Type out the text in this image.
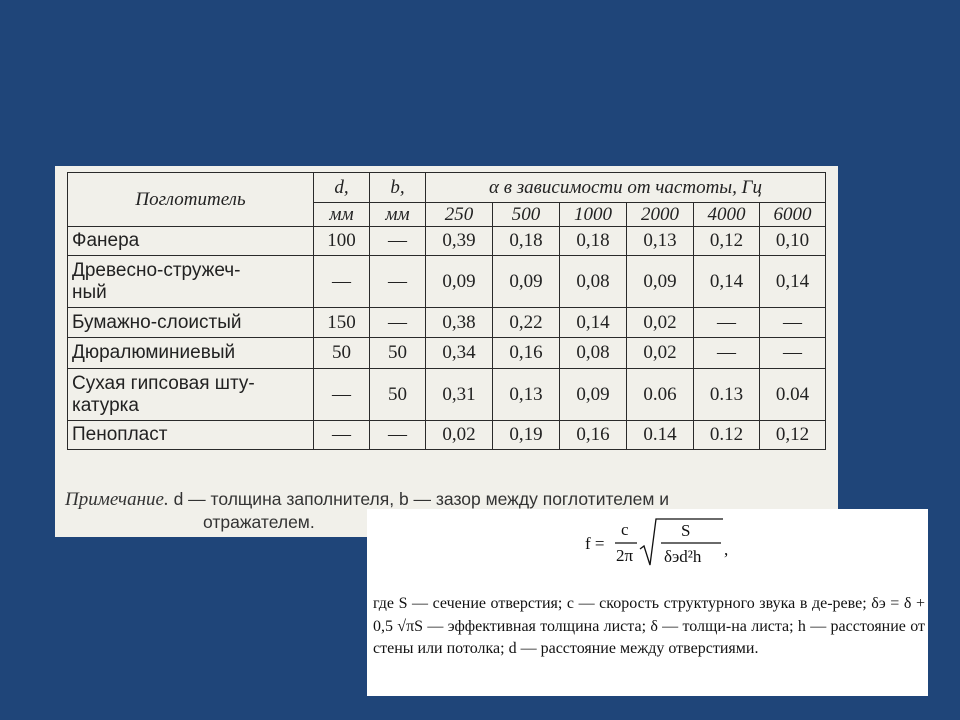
Поглотитель	d,	b,	α в зависимости от частоты, Гц					
	мм	мм	250	500	1000	2000	4000	6000
Фанера	100	—	0,39	0,18	0,18	0,13	0,12	0,10
Древесно-стружеч-
ный	—	—	0,09	0,09	0,08	0,09	0,14	0,14
Бумажно-слоистый	150	—	0,38	0,22	0,14	0,02	—	—
Дюралюминиевый	50	50	0,34	0,16	0,08	0,02	—	—
Сухая гипсовая шту-
катурка	—	50	0,31	0,13	0,09	0.06	0.13	0.04
Пенопласт	—	—	0,02	0,19	0,16	0.14	0.12	0,12
Примечание. d — толщина заполнителя, b — зазор между поглотителем и
отражателем.
f =
c
2π
S
δэd²h ,
где S — сечение отверстия; с — скорость структурного звука в де-ревe; δэ = δ + 0,5 √πS — эффективная толщина листа; δ — толщи-на листа; h — расстояние от стены или потолка; d — расстояние между отверстиями.
